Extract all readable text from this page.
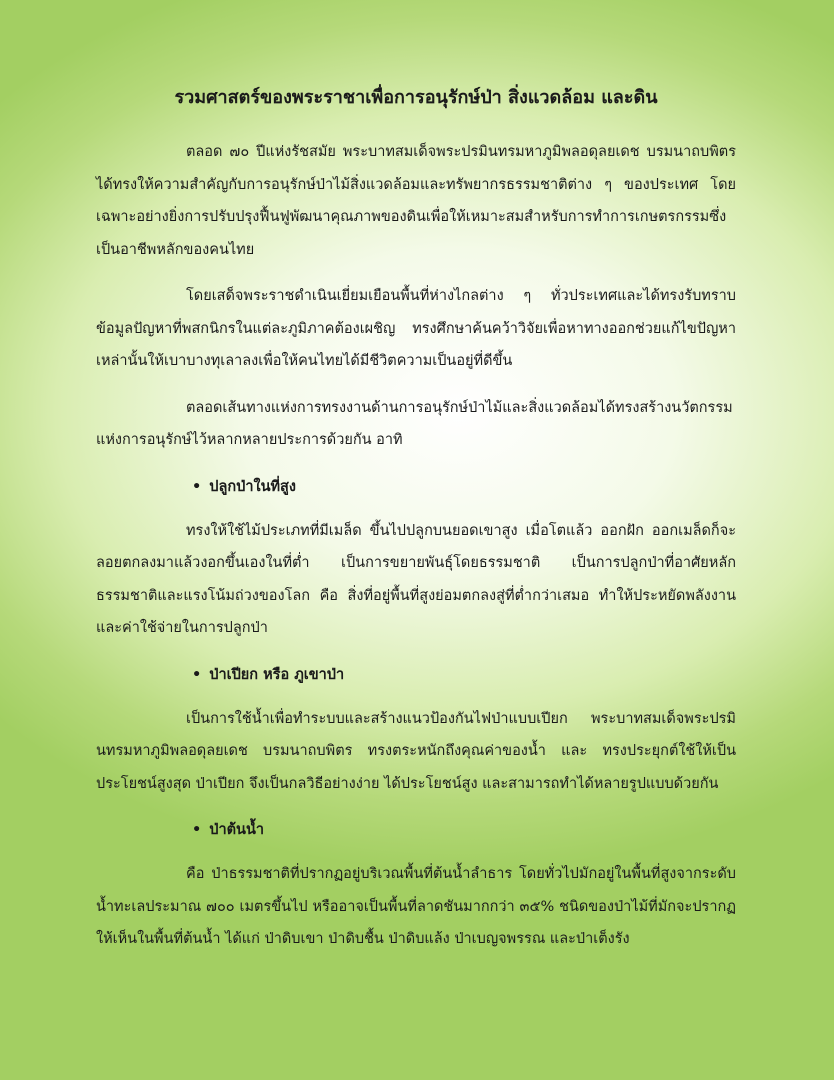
รวมศาสตร์ของพระราชาเพื่อการอนุรักษ์ป่า สิ่งแวดล้อม และดิน

ตลอด ๗๐ ปีแห่งรัชสมัย พระบาทสมเด็จพระปรมินทรมหาภูมิพลอดุลยเดช บรมนาถบพิตร ได้ทรงให้ความสำคัญกับการอนุรักษ์ป่าไม้สิ่งแวดล้อมและทรัพยากรธรรมชาติต่าง ๆ ของประเทศ โดยเฉพาะอย่างยิ่งการปรับปรุงฟื้นฟูพัฒนาคุณภาพของดินเพื่อให้เหมาะสมสำหรับการทำการเกษตรกรรมซึ่งเป็นอาชีพหลักของคนไทย

โดยเสด็จพระราชดำเนินเยี่ยมเยือนพื้นที่ห่างไกลต่าง ๆ ทั่วประเทศและได้ทรงรับทราบข้อมูลปัญหาที่พสกนิกรในแต่ละภูมิภาคต้องเผชิญ ทรงศึกษาค้นคว้าวิจัยเพื่อหาทางออกช่วยแก้ไขปัญหาเหล่านั้นให้เบาบางทุเลาลงเพื่อให้คนไทยได้มีชีวิตความเป็นอยู่ที่ดีขึ้น

ตลอดเส้นทางแห่งการทรงงานด้านการอนุรักษ์ป่าไม้และสิ่งแวดล้อมได้ทรงสร้างนวัตกรรมแห่งการอนุรักษ์ไว้หลากหลายประการด้วยกัน อาทิ

• ปลูกป่าในที่สูง

ทรงให้ใช้ไม้ประเภทที่มีเมล็ด ขึ้นไปปลูกบนยอดเขาสูง เมื่อโตแล้ว ออกฝัก ออกเมล็ดก็จะลอยตกลงมาแล้วงอกขึ้นเองในที่ต่ำ เป็นการขยายพันธุ์โดยธรรมชาติ เป็นการปลูกป่าที่อาศัยหลักธรรมชาติและแรงโน้มถ่วงของโลก คือ สิ่งที่อยู่พื้นที่สูงย่อมตกลงสู่ที่ต่ำกว่าเสมอ ทำให้ประหยัดพลังงานและค่าใช้จ่ายในการปลูกป่า

• ป่าเปียก หรือ ภูเขาป่า

เป็นการใช้น้ำเพื่อทำระบบและสร้างแนวป้องกันไฟป่าแบบเปียก พระบาทสมเด็จพระปรมินทรมหาภูมิพลอดุลยเดช บรมนาถบพิตร ทรงตระหนักถึงคุณค่าของน้ำ และ ทรงประยุกต์ใช้ให้เป็นประโยชน์สูงสุด ป่าเปียก จึงเป็นกลวิธีอย่างง่าย ได้ประโยชน์สูง และสามารถทำได้หลายรูปแบบด้วยกัน

• ป่าต้นน้ำ

คือ ป่าธรรมชาติที่ปรากฏอยู่บริเวณพื้นที่ต้นน้ำลำธาร โดยทั่วไปมักอยู่ในพื้นที่สูงจากระดับน้ำทะเลประมาณ ๗๐๐ เมตรขึ้นไป หรืออาจเป็นพื้นที่ลาดชันมากกว่า ๓๕% ชนิดของป่าไม้ที่มักจะปรากฏให้เห็นในพื้นที่ต้นน้ำ ได้แก่ ป่าดิบเขา ป่าดิบชื้น ป่าดิบแล้ง ป่าเบญจพรรณ และป่าเต็งรัง
